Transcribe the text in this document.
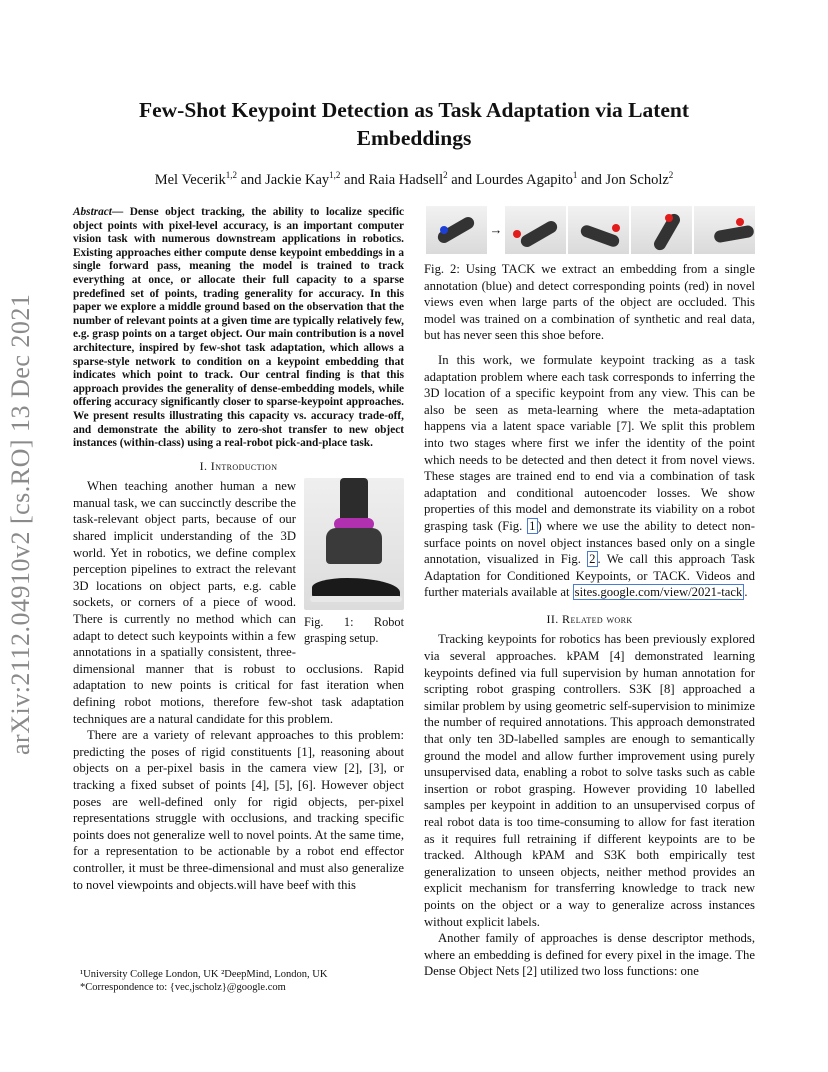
arXiv:2112.04910v2 [cs.RO] 13 Dec 2021
Few-Shot Keypoint Detection as Task Adaptation via Latent
Embeddings
Mel Vecerik$^{1,2}$ and Jackie Kay$^{1,2}$ and Raia Hadsell$^2$ and Lourdes Agapito$^1$ and Jon Scholz$^2$
Abstract— Dense object tracking, the ability to localize specific object points with pixel-level accuracy, is an important computer vision task with numerous downstream applications in robotics. Existing approaches either compute dense keypoint embeddings in a single forward pass, meaning the model is trained to track everything at once, or allocate their full capacity to a sparse predefined set of points, trading generality for accuracy. In this paper we explore a middle ground based on the observation that the number of relevant points at a given time are typically relatively few, e.g. grasp points on a target object. Our main contribution is a novel architecture, inspired by few-shot task adaptation, which allows a sparse-style network to condition on a keypoint embedding that indicates which point to track. Our central finding is that this approach provides the generality of dense-embedding models, while offering accuracy significantly closer to sparse-keypoint approaches. We present results illustrating this capacity vs. accuracy trade-off, and demonstrate the ability to zero-shot transfer to new object instances (within-class) using a real-robot pick-and-place task.
I. Introduction
Fig. 1: Robot grasping setup.

When teaching another human a new manual task, we can succinctly describe the task-relevant object parts, because of our shared implicit understanding of the 3D world. Yet in robotics, we define complex perception pipelines to extract the relevant 3D locations on object parts, e.g. cable sockets, or corners of a piece of wood. There is currently no method which can adapt to detect such keypoints within a few annotations in a spatially consistent, three-dimensional manner that is robust to occlusions. Rapid adaptation to new points is critical for fast iteration when defining robot motions, therefore few-shot task adaptation techniques are a natural candidate for this problem.

There are a variety of relevant approaches to this problem: predicting the poses of rigid constituents [1], reasoning about objects on a per-pixel basis in the camera view [2], [3], or tracking a fixed subset of points [4], [5], [6]. However object poses are well-defined only for rigid objects, per-pixel representations struggle with occlusions, and tracking specific points does not generalize well to novel points. At the same time, for a representation to be actionable by a robot end effector controller, it must be three-dimensional and must also generalize to novel viewpoints and objects.will have beef with this

→
Fig. 2: Using TACK we extract an embedding from a single annotation (blue) and detect corresponding points (red) in novel views even when large parts of the object are occluded. This model was trained on a combination of synthetic and real data, but has never seen this shoe before.

In this work, we formulate keypoint tracking as a task adaptation problem where each task corresponds to inferring the 3D location of a specific keypoint from any view. This can be also be seen as meta-learning where the meta-adaptation happens via a latent space variable [7]. We split this problem into two stages where first we infer the identity of the point which needs to be detected and then detect it from novel views. These stages are trained end to end via a combination of task adaptation and conditional autoencoder losses. We show properties of this model and demonstrate its viability on a robot grasping task (Fig. 1 ) where we use the ability to detect non-surface points on novel object instances based only on a single annotation, visualized in Fig. 2 . We call this approach Task Adaptation for Conditioned Keypoints, or TACK. Videos and further materials available at sites.google.com/view/2021-tack .

II. Related work

Tracking keypoints for robotics has been previously explored via several approaches. kPAM [4] demonstrated learning keypoints defined via full supervision by human annotation for scripting robot grasping controllers. S3K [8] approached a similar problem by using geometric self-supervision to minimize the number of required annotations. This approach demonstrated that only ten 3D-labelled samples are enough to semantically ground the model and allow further improvement using purely unsupervised data, enabling a robot to solve tasks such as cable insertion or robot grasping. However providing 10 labelled samples per keypoint in addition to an unsupervised corpus of real robot data is too time-consuming to allow for fast iteration as it requires full retraining if different keypoints are to be tracked. Although kPAM and S3K both empirically test generalization to unseen objects, neither method provides an explicit mechanism for transferring knowledge to track new points on the object or a way to generalize across instances without explicit labels.

Another family of approaches is dense descriptor methods, where an embedding is defined for every pixel in the image. The Dense Object Nets [2] utilized two loss functions: one

¹University College London, UK ²DeepMind, London, UK
*Correspondence to: {vec,jscholz}@google.com
